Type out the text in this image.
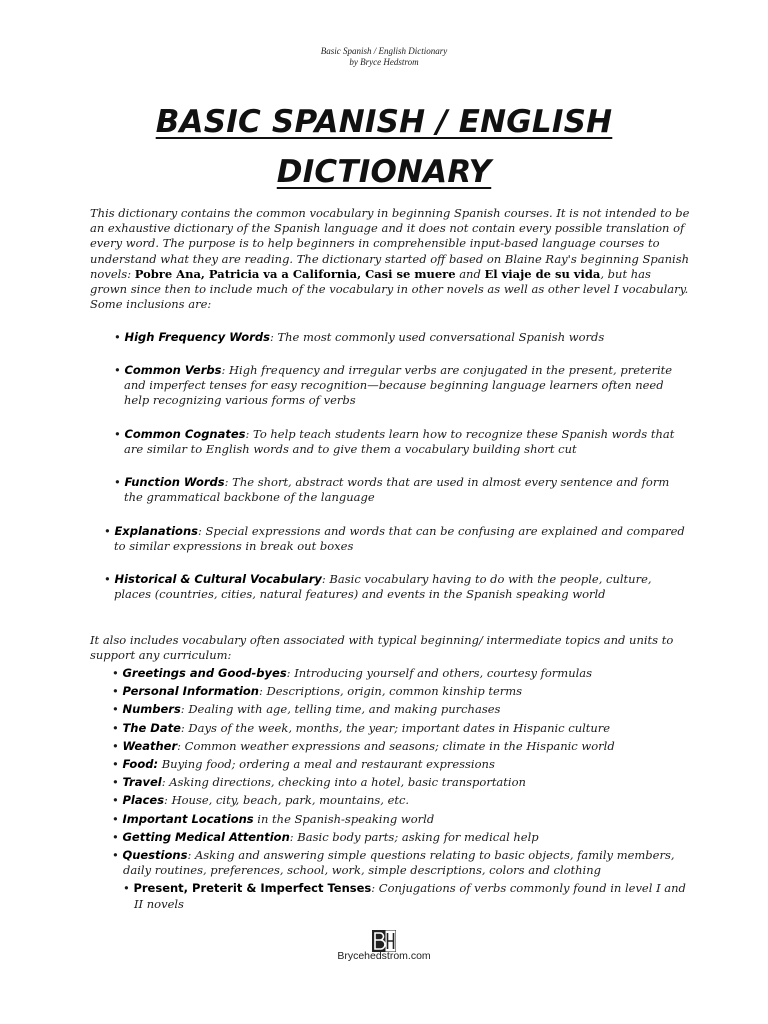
Basic Spanish / English Dictionary
by Bryce Hedstrom
BASIC SPANISH / ENGLISH
DICTIONARY

This dictionary contains the common vocabulary in beginning Spanish courses. It is not intended to be an exhaustive dictionary of the Spanish language and it does not contain every possible translation of every word. The purpose is to help beginners in comprehensible input-based language courses to understand what they are reading. The dictionary started off based on Blaine Ray's beginning Spanish novels: Pobre Ana, Patricia va a California, Casi se muere and El viaje de su vida, but has grown since then to include much of the vocabulary in other novels as well as other level I vocabulary. Some inclusions are:

• High Frequency Words: The most commonly used conversational Spanish words
• Common Verbs: High frequency and irregular verbs are conjugated in the present, preterite and imperfect tenses for easy recognition—because beginning language learners often need help recognizing various forms of verbs
• Common Cognates: To help teach students learn how to recognize these Spanish words that are similar to English words and to give them a vocabulary building short cut
• Function Words: The short, abstract words that are used in almost every sentence and form the grammatical backbone of the language
• Explanations: Special expressions and words that can be confusing are explained and compared to similar expressions in break out boxes
• Historical & Cultural Vocabulary: Basic vocabulary having to do with the people, culture, places (countries, cities, natural features) and events in the Spanish speaking world

It also includes vocabulary often associated with typical beginning/ intermediate topics and units to support any curriculum:

• Greetings and Good-byes: Introducing yourself and others, courtesy formulas
• Personal Information: Descriptions, origin, common kinship terms
• Numbers: Dealing with age, telling time, and making purchases
• The Date: Days of the week, months, the year; important dates in Hispanic culture
• Weather: Common weather expressions and seasons; climate in the Hispanic world
• Food: Buying food; ordering a meal and restaurant expressions
• Travel: Asking directions, checking into a hotel, basic transportation
• Places: House, city, beach, park, mountains, etc.
• Important Locations in the Spanish-speaking world
• Getting Medical Attention: Basic body parts; asking for medical help
• Questions: Asking and answering simple questions relating to basic objects, family members, daily routines, preferences, school, work, simple descriptions, colors and clothing
• Present, Preterit & Imperfect Tenses: Conjugations of verbs commonly found in level I and II novels
Brycehedstrom.com
